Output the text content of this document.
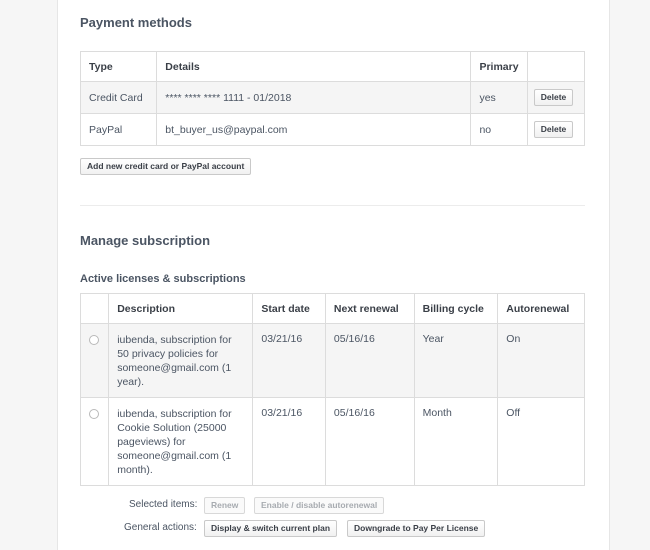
Payment methods
Type	Details	Primary	
Credit Card	**** **** **** 1111 - 01/2018	yes	Delete
PayPal	bt_buyer_us@paypal.com	no	Delete
Add new credit card or PayPal account
Manage subscription
Active licenses & subscriptions
	Description	Start date	Next renewal	Billing cycle	Autorenewal
	iubenda, subscription for 50 privacy policies for someone@gmail.com (1 year).	03/21/16	05/16/16	Year	On
	iubenda, subscription for Cookie Solution (25000 pageviews) for someone@gmail.com (1 month).	03/21/16	05/16/16	Month	Off
Selected items:	Renew	Enable / disable autorenewal
General actions:	Display & switch current plan	Downgrade to Pay Per License
